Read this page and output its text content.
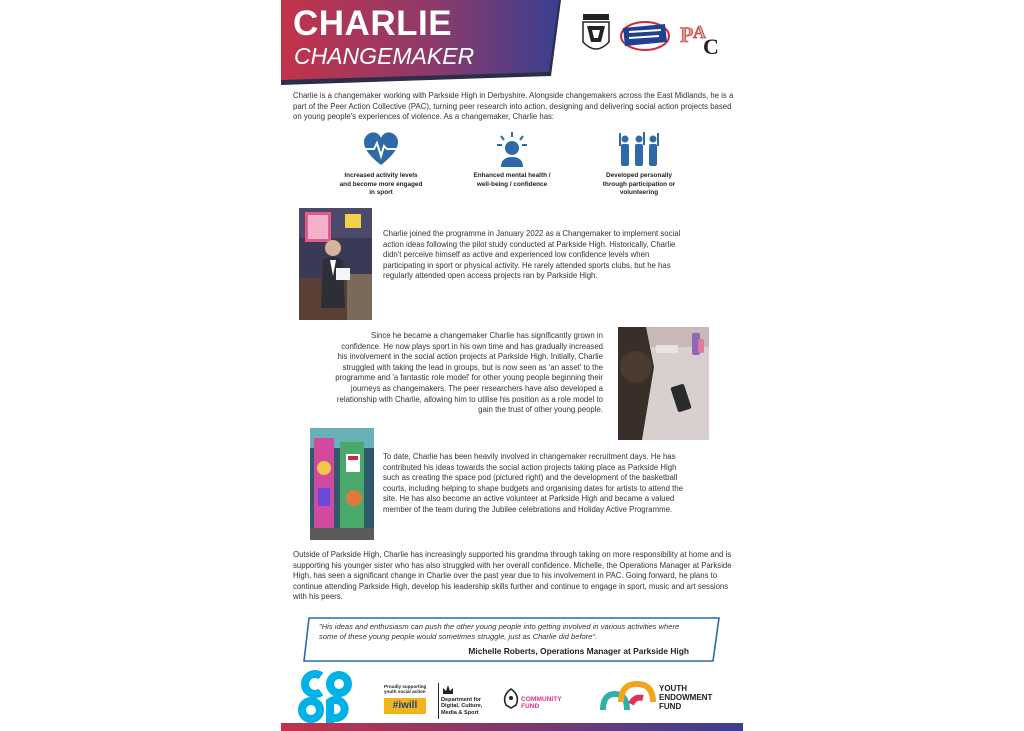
CHARLIE
CHANGEMAKER
P A
C
Charlie is a changemaker working with Parkside High in Derbyshire. Alongside changemakers across the East Midlands, he is a part of the Peer Action Collective (PAC), turning peer research into action, designing and delivering social action projects based on young people's experiences of violence. As a changemaker, Charlie has:
Increased activity levels and become more engaged in sport
Enhanced mental health / well-being / confidence
Developed personally through participation or volunteering
Charlie joined the programme in January 2022 as a Changemaker to implement social action ideas following the pilot study conducted at Parkside High. Historically, Charlie didn't perceive himself as active and experienced low confidence levels when participating in sport or physical activity. He rarely attended sports clubs, but he has regularly attended open access projects ran by Parkside High.
Since he became a changemaker Charlie has significantly grown in confidence. He now plays sport in his own time and has gradually increased his involvement in the social action projects at Parkside High. Initially, Charlie struggled with taking the lead in groups, but is now seen as 'an asset' to the programme and 'a fantastic role model' for other young people beginning their journeys as changemakers. The peer researchers have also developed a relationship with Charlie, allowing him to utilise his position as a role model to gain the trust of other young people.
To date, Charlie has been heavily involved in changemaker recruitment days. He has contributed his ideas towards the social action projects taking place as Parkside High such as creating the space pod (pictured right) and the development of the basketball courts, including helping to shape budgets and organising dates for artists to attend the site. He has also become an active volunteer at Parkside High and became a valued member of the team during the Jubilee celebrations and Holiday Active Programme.
Outside of Parkside High, Charlie has increasingly supported his grandma through taking on more responsibility at home and is supporting his younger sister who has also struggled with her overall confidence. Michelle, the Operations Manager at Parkside High, has seen a significant change in Charlie over the past year due to his involvement in PAC. Going forward, he plans to continue attending Parkside High, develop his leadership skills further and continue to engage in sport, music and art sessions with his peers.
"His ideas and enthusiasm can push the other young people into getting involved in various activities where some of these young people would sometimes struggle, just as Charlie did before".
Michelle Roberts, Operations Manager at Parkside High
Proudly supporting youth social action
#iwill	Department for Digital, Culture, Media & Sport
COMMUNITY FUND
YOUTH
ENDOWMENT
FUND
